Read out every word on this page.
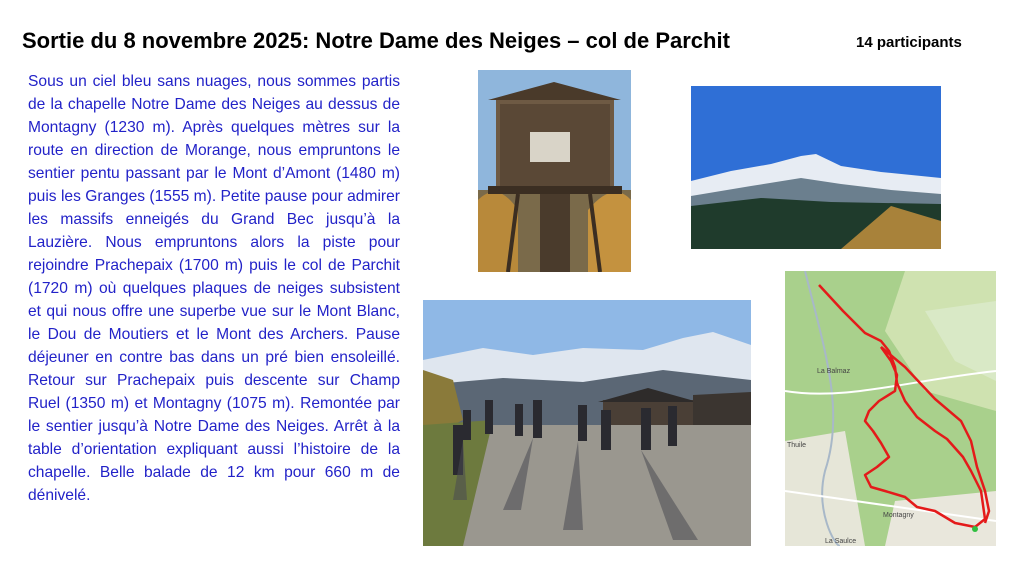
Sortie du 8 novembre 2025: Notre Dame des Neiges – col de Parchit	14 participants

Sous un ciel bleu sans nuages, nous sommes partis de la chapelle Notre Dame des Neiges au dessus de Montagny (1230 m). Après quelques mètres sur la route en direction de Morange, nous empruntons le sentier pentu passant par le Mont d’Amont (1480 m) puis les Granges (1555 m). Petite pause pour admirer les massifs enneigés du Grand Bec jusqu’à la Lauzière. Nous empruntons alors la piste pour rejoindre Prachepaix (1700 m) puis le col de Parchit (1720 m) où quelques plaques de neiges subsistent et qui nous offre une superbe vue sur le Mont Blanc, le Dou de Moutiers et le Mont des Archers. Pause déjeuner en contre bas dans un pré bien ensoleillé. Retour sur Prachepaix puis descente sur Champ Ruel (1350 m) et Montagny (1075 m). Remontée par le sentier jusqu’à Notre Dame des Neiges. Arrêt à la table d’orientation expliquant aussi l’histoire de la chapelle. Belle balade de 12 km pour 660 m de dénivelé.

La Balmaz
Thuile
Montagny
La Saulce
